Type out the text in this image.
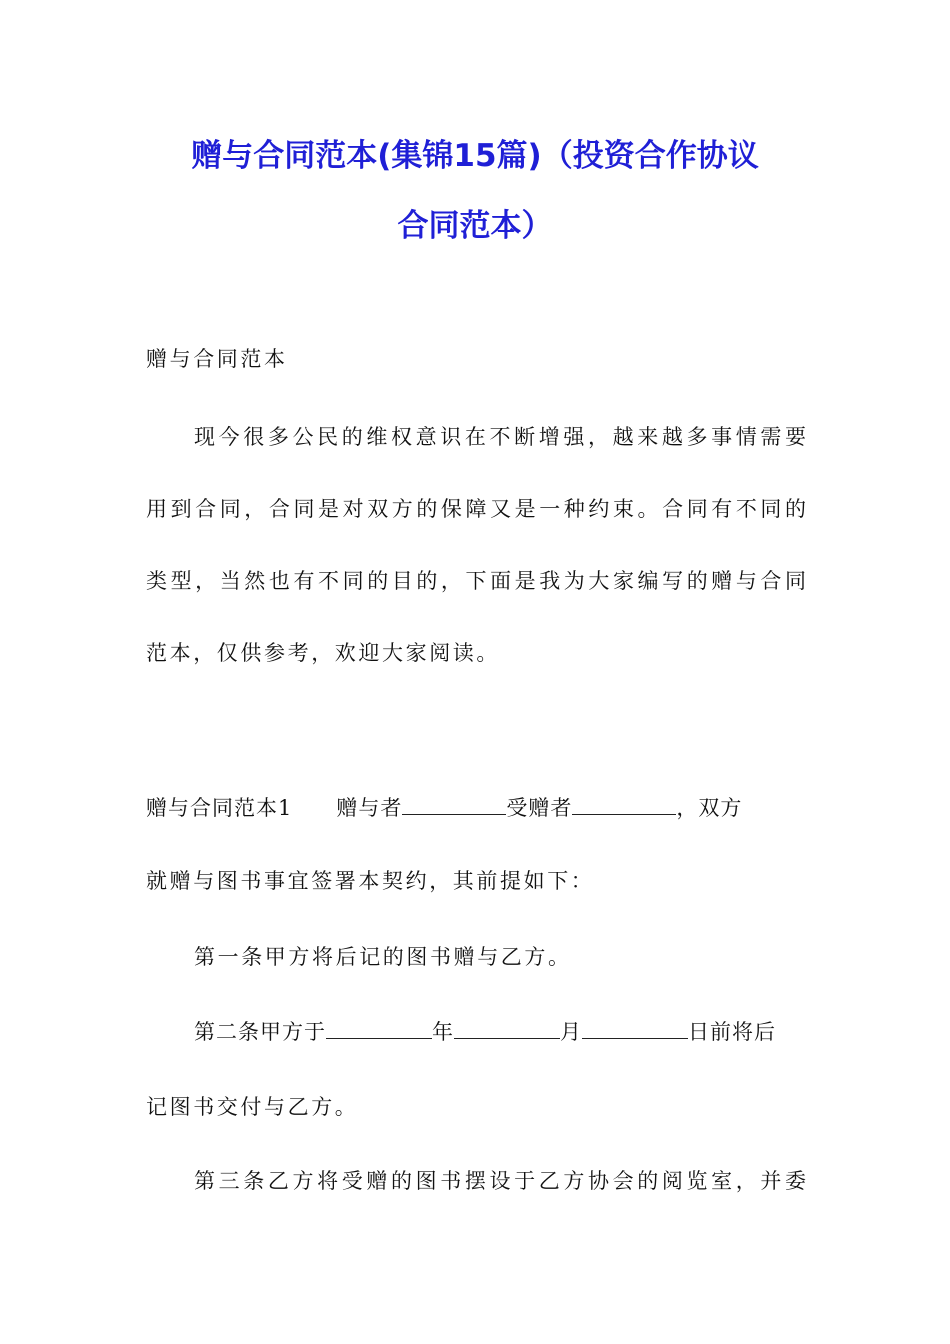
赠与合同范本(集锦15篇)（投资合作协议
合同范本）

赠与合同范本

现今很多公民的维权意识在不断增强，越来越多事情需要

用到合同，合同是对双方的保障又是一种约束。合同有不同的

类型，当然也有不同的目的，下面是我为大家编写的赠与合同

范本，仅供参考，欢迎大家阅读。

赠与合同范本1 赠与者	受赠者	，双方

就赠与图书事宜签署本契约，其前提如下：

第一条甲方将后记的图书赠与乙方。

第二条甲方于	年	月	日前将后

记图书交付与乙方。

第三条乙方将受赠的图书摆设于乙方协会的阅览室，并委
